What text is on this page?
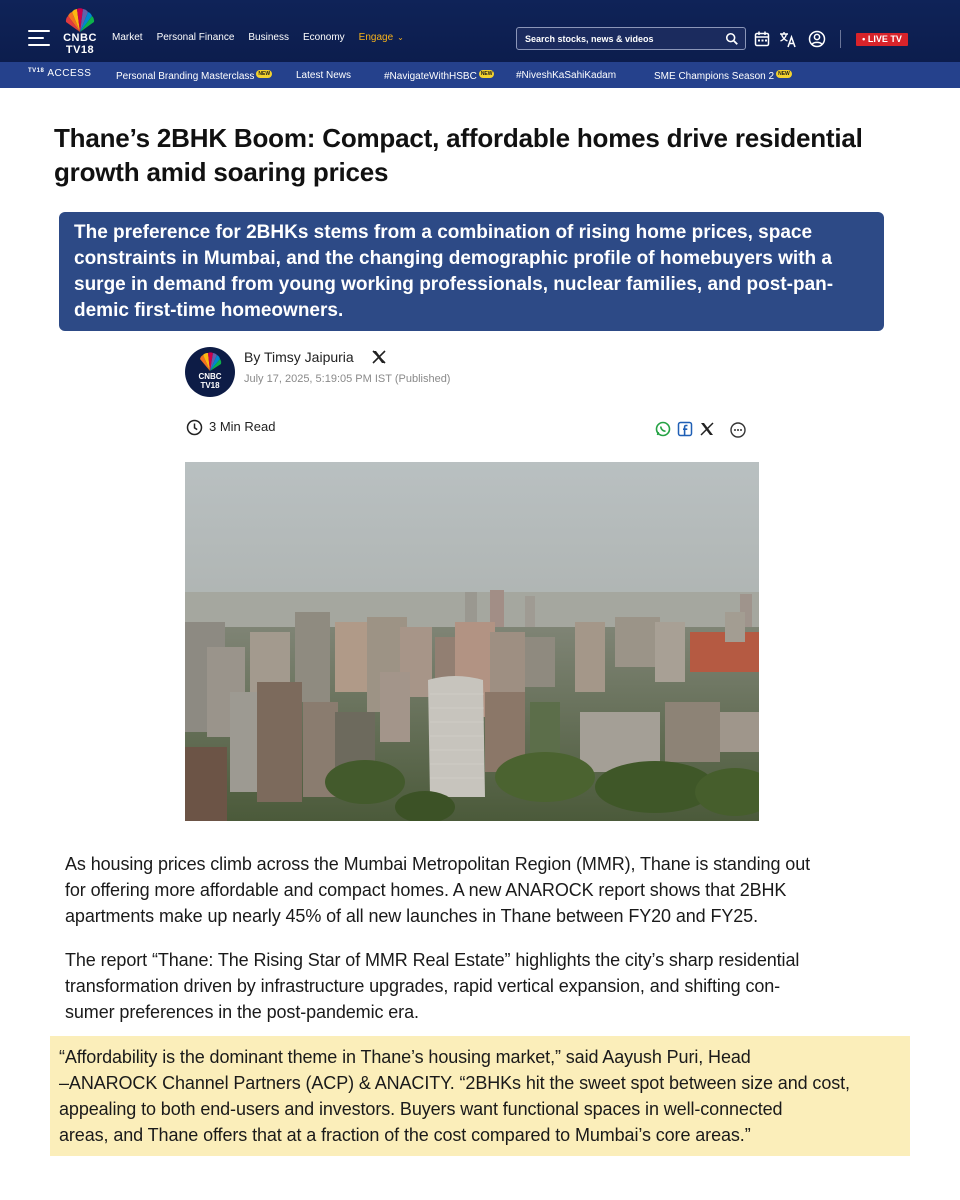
CNBC
TV18
Market Personal Finance Business Economy Engage ⌄	Search stocks, news & videos	• LIVE TV
$^{TV18}$ ACCESS Personal Branding Masterclass NEW	Latest News	#NavigateWithHSBC NEW #NiveshKaSahiKadam	SME Champions Season 2 NEW
Thane’s 2BHK Boom: Compact, affordable homes drive residential
growth amid soaring prices
The preference for 2BHKs stems from a combination of rising home prices, space
constraints in Mumbai, and the changing demographic profile of homebuyers with a
surge in demand from young working professionals, nuclear families, and post-pan-
demic first-time homeowners.
CNBC
TV18
By Timsy Jaipuria
July 17, 2025, 5:19:05 PM IST (Published)
3 Min Read
As housing prices climb across the Mumbai Metropolitan Region (MMR), Thane is standing out
for offering more affordable and compact homes. A new ANAROCK report shows that 2BHK
apartments make up nearly 45% of all new launches in Thane between FY20 and FY25.
The report “Thane: The Rising Star of MMR Real Estate” highlights the city’s sharp residential
transformation driven by infrastructure upgrades, rapid vertical expansion, and shifting con-
sumer preferences in the post-pandemic era.
“Affordability is the dominant theme in Thane’s housing market,” said Aayush Puri, Head
–ANAROCK Channel Partners (ACP) & ANACITY. “2BHKs hit the sweet spot between size and cost,
appealing to both end-users and investors. Buyers want functional spaces in well-connected
areas, and Thane offers that at a fraction of the cost compared to Mumbai’s core areas.”
